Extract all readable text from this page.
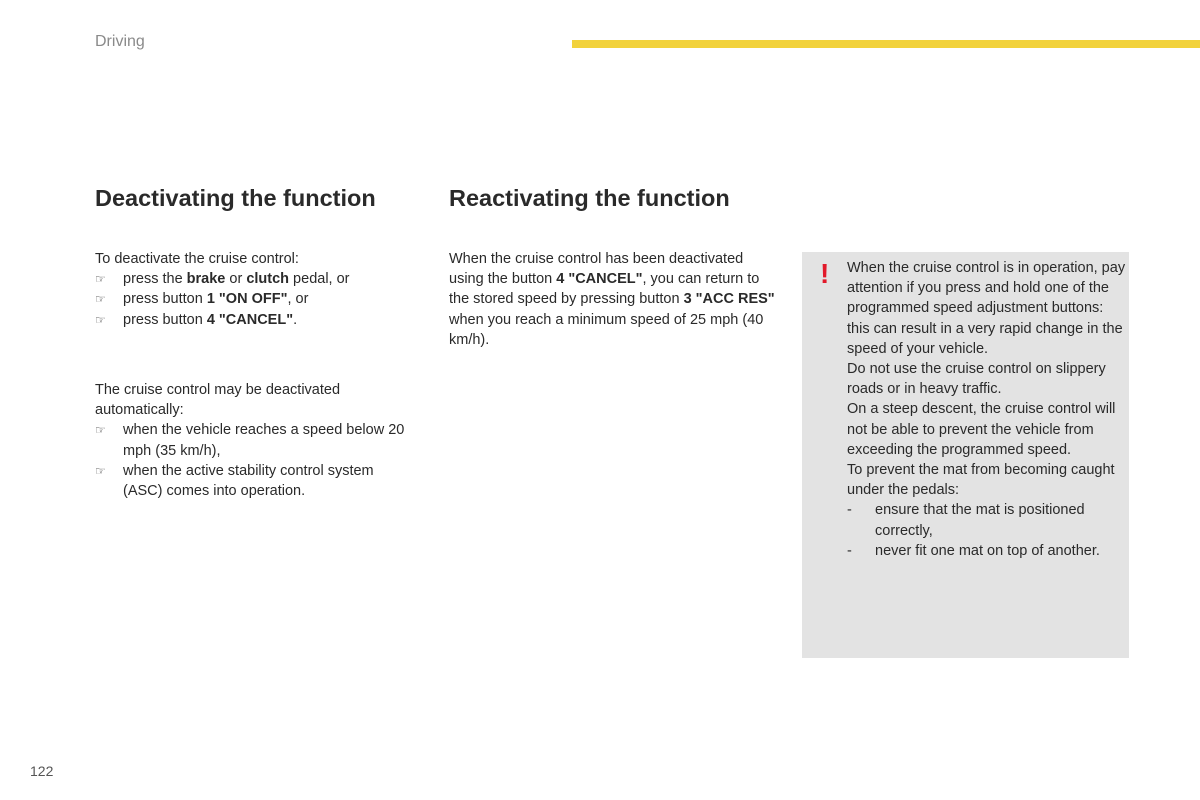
Driving
Deactivating the function	Reactivating the function

To deactivate the cruise control:

☞	press the brake or clutch pedal, or
☞	press button 1 "ON OFF", or
☞	press button 4 "CANCEL".

The cruise control may be deactivated automatically:

☞	when the vehicle reaches a speed below 20 mph (35 km/h),
☞	when the active stability control system (ASC) comes into operation.

When the cruise control has been deactivated using the button 4 "CANCEL", you can return to the stored speed by pressing button 3 "ACC RES" when you reach a minimum speed of 25 mph (40 km/h).

! When the cruise control is in operation, pay attention if you press and hold one of the programmed speed adjustment buttons: this can result in a very rapid change in the speed of your vehicle.

Do not use the cruise control on slippery roads or in heavy traffic.

On a steep descent, the cruise control will not be able to prevent the vehicle from exceeding the programmed speed.

To prevent the mat from becoming caught under the pedals:

- ensure that the mat is positioned correctly,
- never fit one mat on top of another.
122
